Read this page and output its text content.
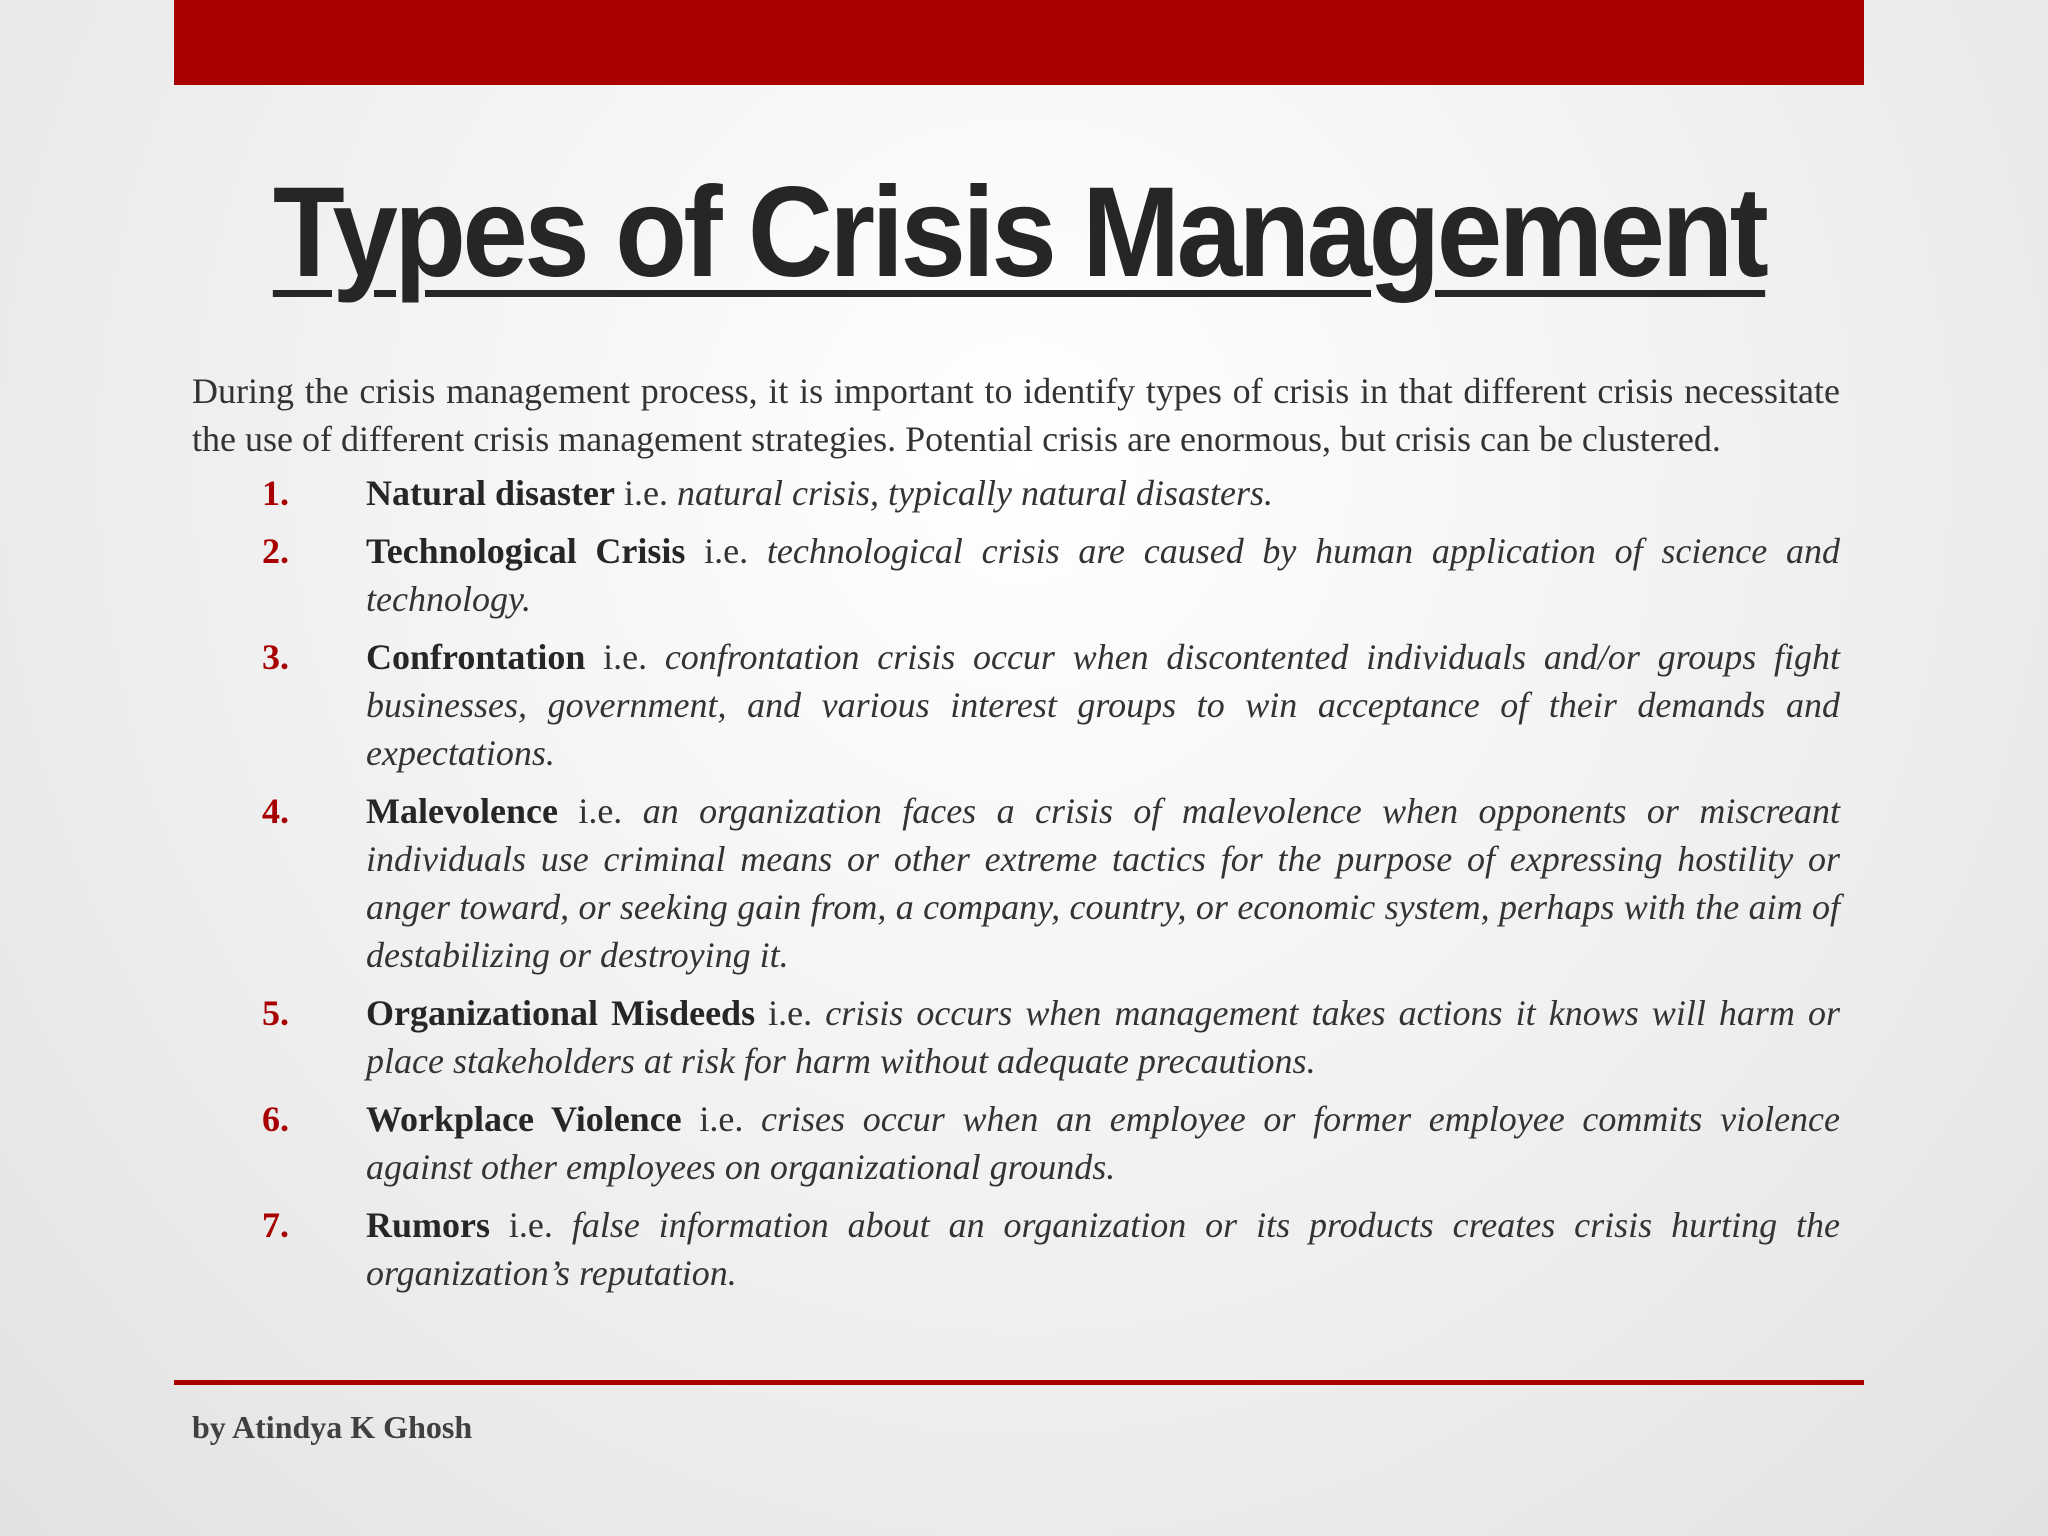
Types of Crisis Management

During the crisis management process, it is important to identify types of crisis in that different crisis necessitate the use of different crisis management strategies. Potential crisis are enormous, but crisis can be clustered.

1.	Natural disaster i.e. natural crisis, typically natural disasters.
2.	Technological Crisis i.e. technological crisis are caused by human application of science and technology.
3.	Confrontation i.e. confrontation crisis occur when discontented individuals and/or groups fight businesses, government, and various interest groups to win acceptance of their demands and expectations.
4.	Malevolence i.e. an organization faces a crisis of malevolence when opponents or miscreant individuals use criminal means or other extreme tactics for the purpose of expressing hostility or anger toward, or seeking gain from, a company, country, or economic system, perhaps with the aim of destabilizing or destroying it.
5.	Organizational Misdeeds i.e. crisis occurs when management takes actions it knows will harm or place stakeholders at risk for harm without adequate precautions.
6.	Workplace Violence i.e. crises occur when an employee or former employee commits violence against other employees on organizational grounds.
7.	Rumors i.e. false information about an organization or its products creates crisis hurting the organization’s reputation.
by Atindya K Ghosh
